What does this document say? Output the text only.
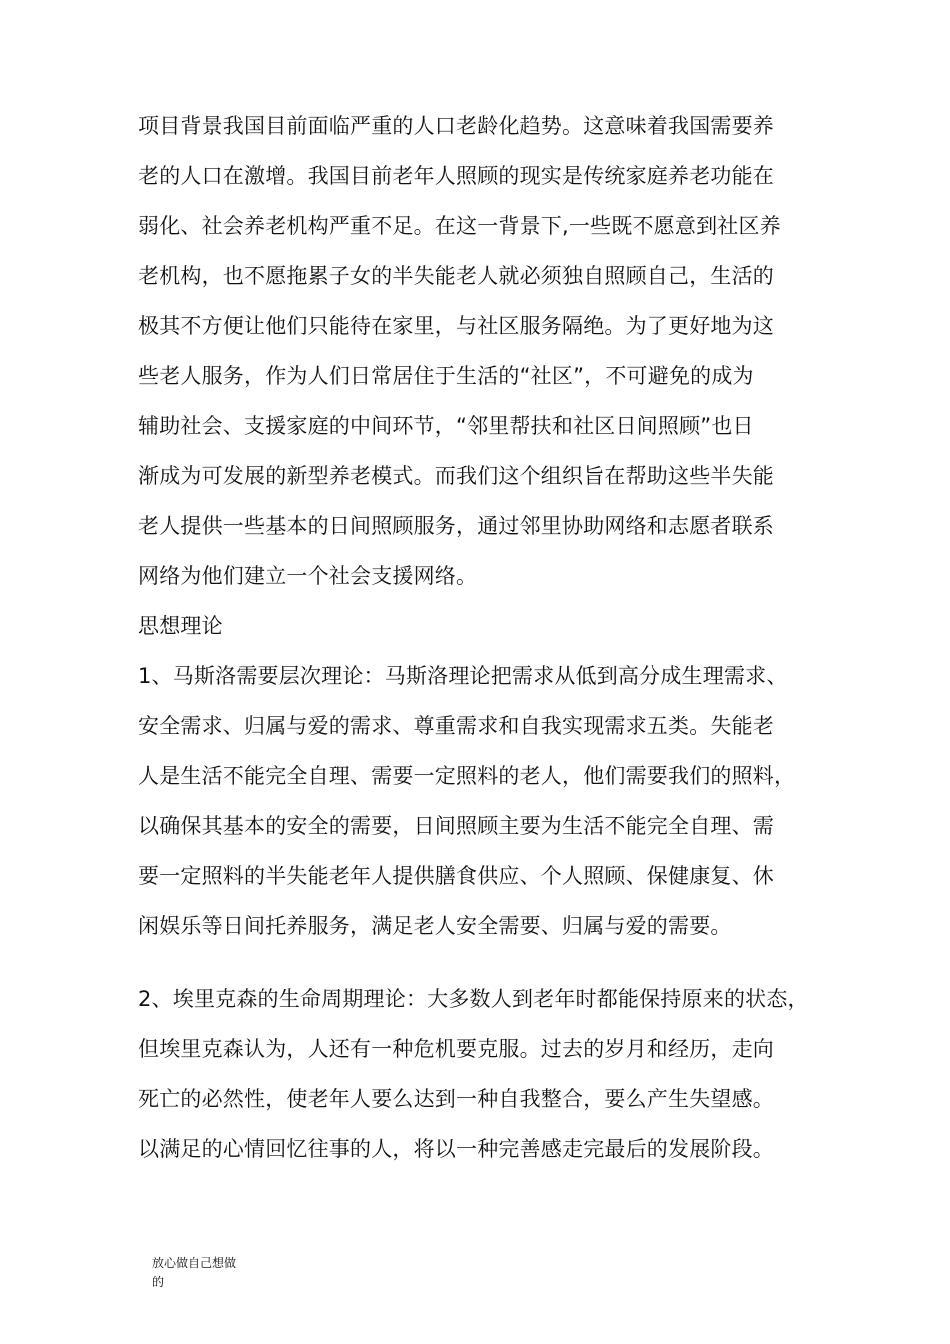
项目背景我国目前面临严重的人口老龄化趋势。这意味着我国需要养
老的人口在激增。我国目前老年人照顾的现实是传统家庭养老功能在
弱化、社会养老机构严重不足。在这一背景下,一些既不愿意到社区养
老机构，也不愿拖累子女的半失能老人就必须独自照顾自己，生活的
极其不方便让他们只能待在家里，与社区服务隔绝。为了更好地为这
些老人服务，作为人们日常居住于生活的“社区”，不可避免的成为
辅助社会、支援家庭的中间环节，“邻里帮扶和社区日间照顾”也日
渐成为可发展的新型养老模式。而我们这个组织旨在帮助这些半失能
老人提供一些基本的日间照顾服务，通过邻里协助网络和志愿者联系
网络为他们建立一个社会支援网络。
思想理论
1、马斯洛需要层次理论：马斯洛理论把需求从低到高分成生理需求、
安全需求、归属与爱的需求、尊重需求和自我实现需求五类。失能老
人是生活不能完全自理、需要一定照料的老人，他们需要我们的照料，
以确保其基本的安全的需要，日间照顾主要为生活不能完全自理、需
要一定照料的半失能老年人提供膳食供应、个人照顾、保健康复、休
闲娱乐等日间托养服务，满足老人安全需要、归属与爱的需要。
2、埃里克森的生命周期理论：大多数人到老年时都能保持原来的状态，
但埃里克森认为，人还有一种危机要克服。过去的岁月和经历，走向
死亡的必然性，使老年人要么达到一种自我整合，要么产生失望感。
以满足的心情回忆往事的人，将以一种完善感走完最后的发展阶段。
放心做自己想做
的
